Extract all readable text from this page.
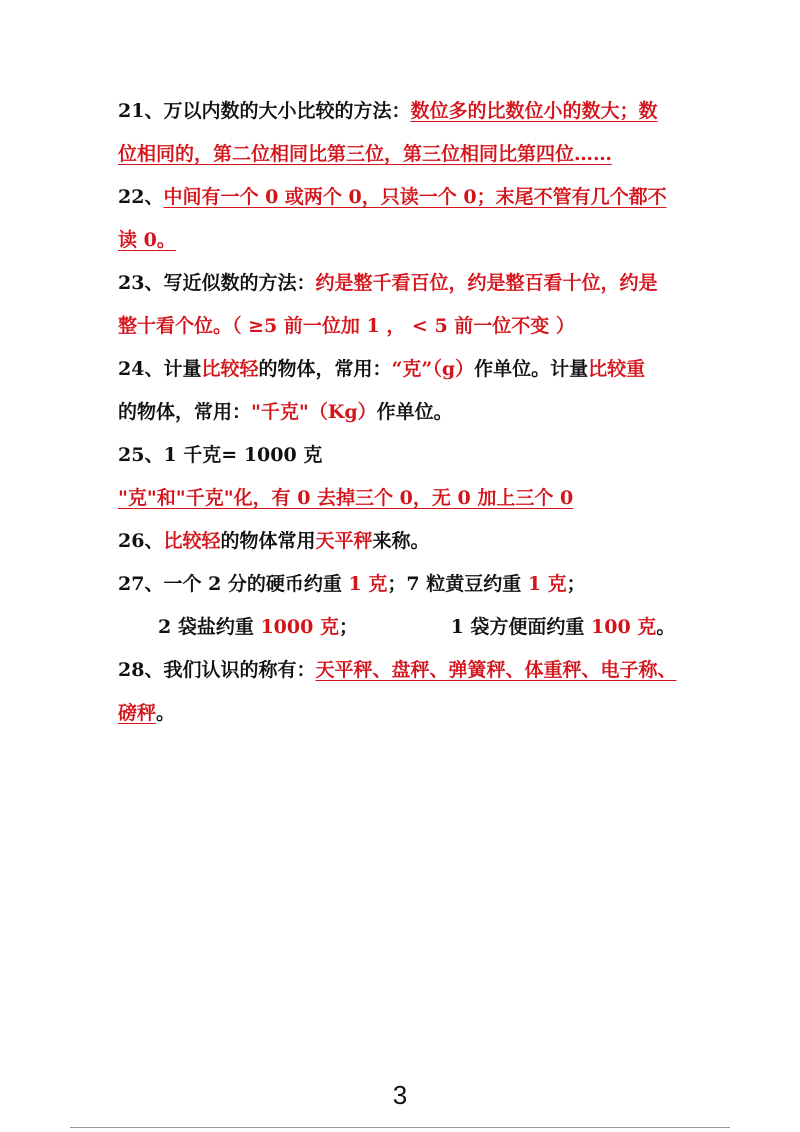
21、万以内数的大小比较的方法：数位多的比数位小的数大；数

位相同的，第二位相同比第三位，第三位相同比第四位……

22、中间有一个 0 或两个 0，只读一个 0；末尾不管有几个都不

读 0。

23、写近似数的方法：约是整千看百位，约是整百看十位，约是

整十看个位。（ ≥5 前一位加 1 ， < 5 前一位不变 ）

24、计量比较轻的物体，常用：“克”（g）作单位。计量比较重

的物体，常用："千克"（Kg）作单位。

25、1 千克= 1000 克

"克"和"千克"化，有 0 去掉三个 0，无 0 加上三个 0

26、比较轻的物体常用天平秤来称。

27、一个 2 分的硬币约重 1 克；7 粒黄豆约重 1 克；

2 袋盐约重 1000 克；	1 袋方便面约重 100 克。

28、我们认识的称有：天平秤、盘秤、弹簧秤、体重秤、电子称、

磅秤。

3
